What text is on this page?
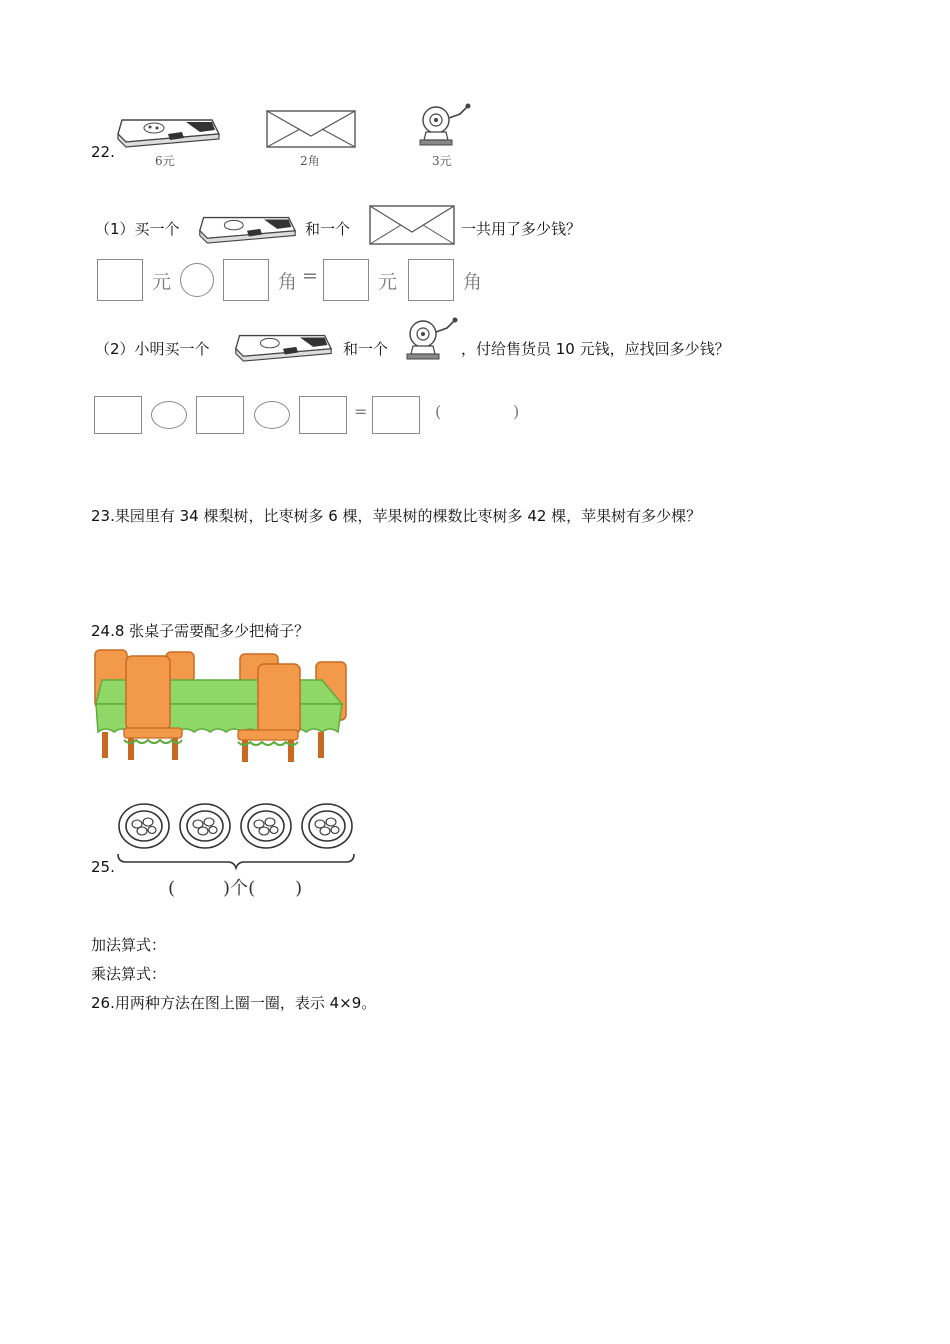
22.	6元	2角	3元
（1）买一个	和一个	一共用了多少钱？
元	角 =	元	角
（2）小明买一个	和一个	，付给售货员 10 元钱，应找回多少钱？
=	(	)
23.果园里有 34 棵梨树，比枣树多 6 棵，苹果树的棵数比枣树多 42 棵，苹果树有多少棵？
24.8 张桌子需要配多少把椅子？
25.
(	)个( )
加法算式：
乘法算式：
26.用两种方法在图上圈一圈，表示 4×9。
